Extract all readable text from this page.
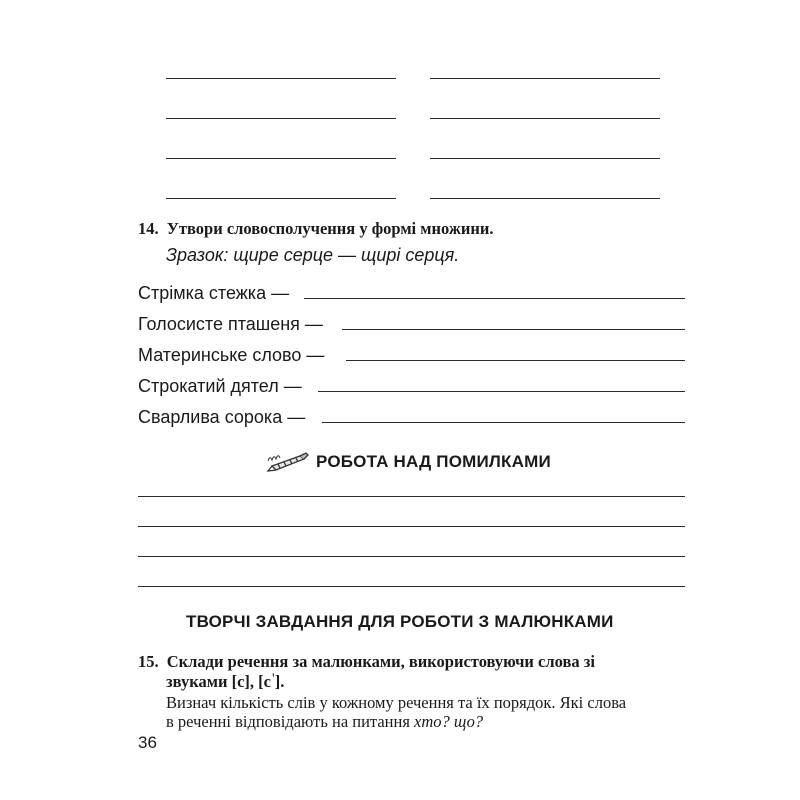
14. Утвори словосполучення у формі множини.
Зразок: щире серце — щирі серця.
Стрімка стежка —
Голосисте пташеня —
Материнське слово —
Строкатий дятел —
Сварлива сорока —
РОБОТА НАД ПОМИЛКАМИ
ТВОРЧІ ЗАВДАННЯ ДЛЯ РОБОТИ З МАЛЮНКАМИ
15. Склади речення за малюнками, використовуючи слова зі
звуками [с], [с'].
Визнач кількість слів у кожному речення та їх порядок. Які слова
в реченні відповідають на питання хто? що?
36
